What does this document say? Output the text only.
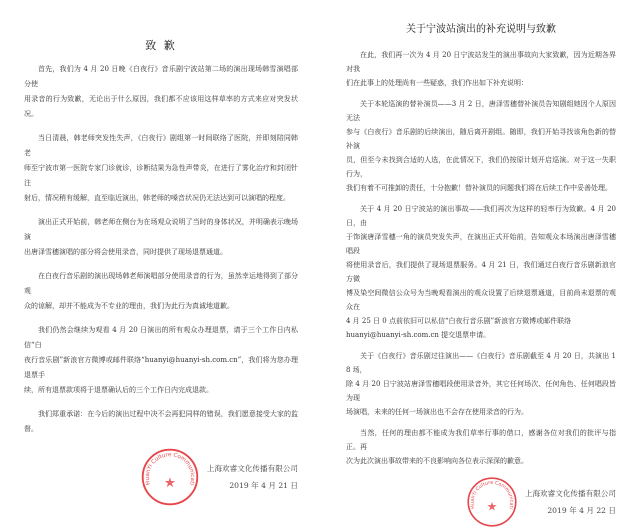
致 歉
首先，我们为 4 月 20 日晚《白夜行》音乐剧宁波站第二场的演出现场韩雪演唱部分使
用录音的行为致歉，无论出于什么原因，我们都不应该用这样草率的方式来应对突发状况。
当日清晨，韩老师突发性失声，《白夜行》剧组第一时间联络了医院，并即刻陪同韩老
师至宁波市第一医院专家门诊就诊，诊断结果为急性声带炎，在进行了雾化治疗和封闭针注
射后，情况稍有缓解，直至临近演出，韩老师的嗓音状况仍无法达到可以演唱的程度。
演出正式开始前，韩老师在侧台为在场观众说明了当时的身体状况，并明确表示晚场演
出唐泽雪穗演唱的部分将会使用录音，同时提供了现场退票通道。
在白夜行音乐剧的演出现场韩老师演唱部分使用录音的行为，虽然幸运地得到了部分观
众的谅解，却并不能成为不专业的理由，我们为此行为真诚地道歉。
我们仍然会继续为观看 4 月 20 日演出的所有观众办理退票，请于三个工作日内私信“白
夜行音乐剧”新浪官方微博或邮件联络“huanyi@huanyi-sh.com.cn”，我们将为您办理退票手
续，所有退票款项将于退票确认后的三个工作日内完成退款。
我们郑重承诺：在今后的演出过程中决不会再犯同样的错误，我们愿意接受大家的监督。
HuanYi Culture Communicati
★
上海欢睿文化传播有限公司
2019 年 4 月 21 日
关于宁波站演出的补充说明与致歉
在此，我们再一次为 4 月 20 日宁波站发生的演出事故向大家致歉，因为近期各界对我
们在此事上的处理尚有一些疑惑，我们作出如下补充说明：
关于本轮巡演的替补演员——3 月 2 日，唐泽雪穗替补演员告知剧组她因个人原因无法
参与《白夜行》音乐剧的后续演出，随后离开剧组。随即，我们开始寻找该角色新的替补演
员，但至今未找到合适的人选，在此情况下，我们仍按原计划开启巡演。对于这一失职行为，
我们有着不可推卸的责任，十分抱歉！替补演员的问题我们将在后续工作中妥善处理。
关于 4 月 20 日宁波站的演出事故——我们再次为这样的轻率行为致歉。4 月 20 日，由
于饰演唐泽雪穗一角的演员突发失声，在演出正式开始前，告知观众本场演出唐泽雪穗唱段
将使用录音后，我们提供了现场退票服务。4 月 21 日，我们通过白夜行音乐剧新浪官方微
博及染空间微信公众号为当晚观看演出的观众设置了后续退票通道，目前尚未退票的观众在
4 月 25 日 0 点前依旧可以私信“白夜行音乐剧”新浪官方微博或邮件联络
huanyi@huanyi-sh.com.cn 提交退票申请。
关于《白夜行》音乐剧过往演出——《白夜行》音乐剧截至 4 月 20 日，共演出 18 场，
除 4 月 20 日宁波站唐泽雪穗唱段使用录音外，其它任何场次、任何角色、任何唱段皆为现
场演唱，未来的任何一场演出也不会存在使用录音的行为。
当然，任何的理由都不能成为我们草率行事的借口，感谢各位对我们的批评与指正。再
次为此次演出事故带来的不良影响向各位表示深深的歉意。
HuanYi Culture Communicati
★
上海欢睿文化传播有限公司
2019 年 4 月 22 日
